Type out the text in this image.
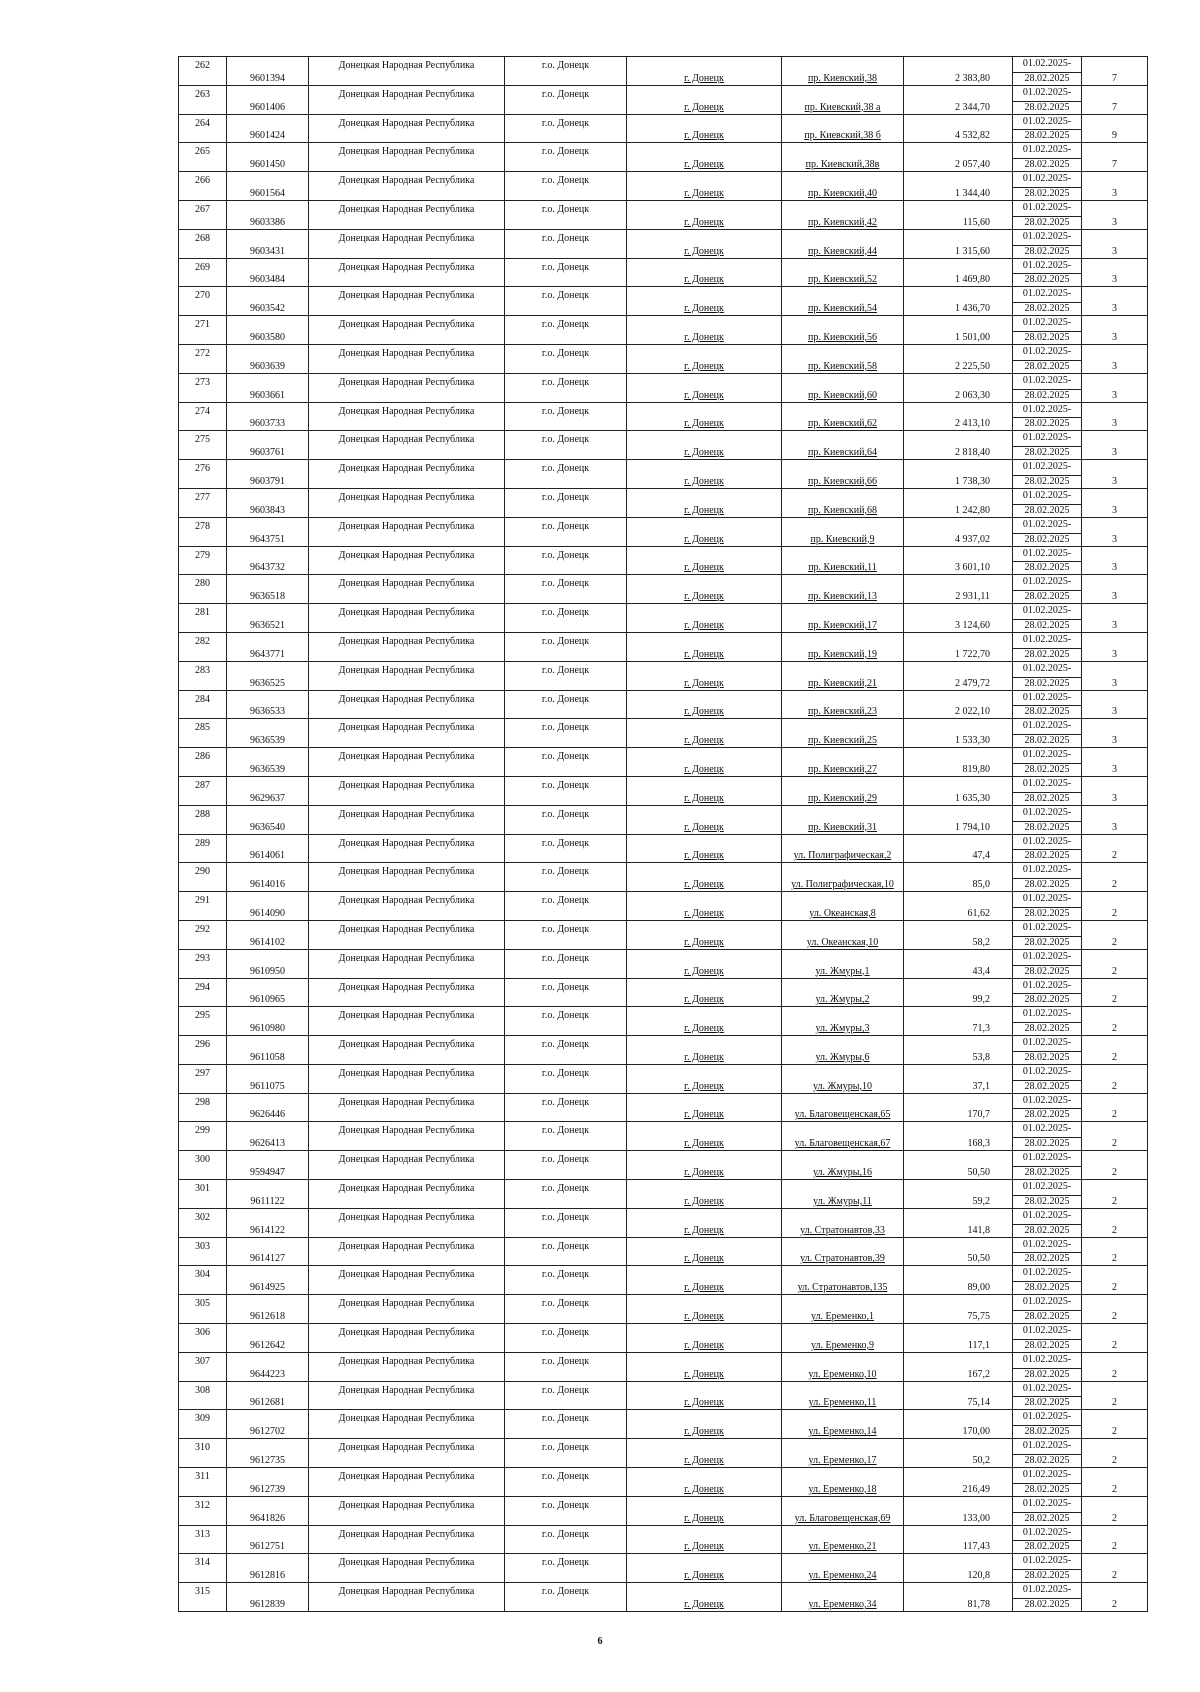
262	9601394	Донецкая Народная Республика	г.о. Донецк	г. Донецк	пр. Киевский,38	2 383,80	01.02.2025-
28.02.2025	7

263	9601406	Донецкая Народная Республика	г.о. Донецк	г. Донецк	пр. Киевский,38 а	2 344,70	01.02.2025-
28.02.2025	7

264	9601424	Донецкая Народная Республика	г.о. Донецк	г. Донецк	пр. Киевский,38 б	4 532,82	01.02.2025-
28.02.2025	9

265	9601450	Донецкая Народная Республика	г.о. Донецк	г. Донецк	пр. Киевский,38в	2 057,40	01.02.2025-
28.02.2025	7

266	9601564	Донецкая Народная Республика	г.о. Донецк	г. Донецк	пр. Киевский,40	1 344,40	01.02.2025-
28.02.2025	3

267	9603386	Донецкая Народная Республика	г.о. Донецк	г. Донецк	пр. Киевский,42	115,60	01.02.2025-
28.02.2025	3

268	9603431	Донецкая Народная Республика	г.о. Донецк	г. Донецк	пр. Киевский,44	1 315,60	01.02.2025-
28.02.2025	3

269	9603484	Донецкая Народная Республика	г.о. Донецк	г. Донецк	пр. Киевский,52	1 469,80	01.02.2025-
28.02.2025	3

270	9603542	Донецкая Народная Республика	г.о. Донецк	г. Донецк	пр. Киевский,54	1 436,70	01.02.2025-
28.02.2025	3

271	9603580	Донецкая Народная Республика	г.о. Донецк	г. Донецк	пр. Киевский,56	1 501,00	01.02.2025-
28.02.2025	3

272	9603639	Донецкая Народная Республика	г.о. Донецк	г. Донецк	пр. Киевский,58	2 225,50	01.02.2025-
28.02.2025	3

273	9603661	Донецкая Народная Республика	г.о. Донецк	г. Донецк	пр. Киевский,60	2 063,30	01.02.2025-
28.02.2025	3

274	9603733	Донецкая Народная Республика	г.о. Донецк	г. Донецк	пр. Киевский,62	2 413,10	01.02.2025-
28.02.2025	3

275	9603761	Донецкая Народная Республика	г.о. Донецк	г. Донецк	пр. Киевский,64	2 818,40	01.02.2025-
28.02.2025	3

276	9603791	Донецкая Народная Республика	г.о. Донецк	г. Донецк	пр. Киевский,66	1 738,30	01.02.2025-
28.02.2025	3

277	9603843	Донецкая Народная Республика	г.о. Донецк	г. Донецк	пр. Киевский,68	1 242,80	01.02.2025-
28.02.2025	3

278	9643751	Донецкая Народная Республика	г.о. Донецк	г. Донецк	пр. Киевский,9	4 937,02	01.02.2025-
28.02.2025	3

279	9643732	Донецкая Народная Республика	г.о. Донецк	г. Донецк	пр. Киевский,11	3 601,10	01.02.2025-
28.02.2025	3

280	9636518	Донецкая Народная Республика	г.о. Донецк	г. Донецк	пр. Киевский,13	2 931,11	01.02.2025-
28.02.2025	3

281	9636521	Донецкая Народная Республика	г.о. Донецк	г. Донецк	пр. Киевский,17	3 124,60	01.02.2025-
28.02.2025	3

282	9643771	Донецкая Народная Республика	г.о. Донецк	г. Донецк	пр. Киевский,19	1 722,70	01.02.2025-
28.02.2025	3

283	9636525	Донецкая Народная Республика	г.о. Донецк	г. Донецк	пр. Киевский,21	2 479,72	01.02.2025-
28.02.2025	3

284	9636533	Донецкая Народная Республика	г.о. Донецк	г. Донецк	пр. Киевский,23	2 022,10	01.02.2025-
28.02.2025	3

285	9636539	Донецкая Народная Республика	г.о. Донецк	г. Донецк	пр. Киевский,25	1 533,30	01.02.2025-
28.02.2025	3

286	9636539	Донецкая Народная Республика	г.о. Донецк	г. Донецк	пр. Киевский,27	819,80	01.02.2025-
28.02.2025	3

287	9629637	Донецкая Народная Республика	г.о. Донецк	г. Донецк	пр. Киевский,29	1 635,30	01.02.2025-
28.02.2025	3

288	9636540	Донецкая Народная Республика	г.о. Донецк	г. Донецк	пр. Киевский,31	1 794,10	01.02.2025-
28.02.2025	3

289	9614061	Донецкая Народная Республика	г.о. Донецк	г. Донецк	ул. Полиграфическая,2	47,4	01.02.2025-
28.02.2025	2

290	9614016	Донецкая Народная Республика	г.о. Донецк	г. Донецк	ул. Полиграфическая,10	85,0	01.02.2025-
28.02.2025	2

291	9614090	Донецкая Народная Республика	г.о. Донецк	г. Донецк	ул. Океанская,8	61,62	01.02.2025-
28.02.2025	2

292	9614102	Донецкая Народная Республика	г.о. Донецк	г. Донецк	ул. Океанская,10	58,2	01.02.2025-
28.02.2025	2

293	9610950	Донецкая Народная Республика	г.о. Донецк	г. Донецк	ул. Жмуры,1	43,4	01.02.2025-
28.02.2025	2

294	9610965	Донецкая Народная Республика	г.о. Донецк	г. Донецк	ул. Жмуры,2	99,2	01.02.2025-
28.02.2025	2

295	9610980	Донецкая Народная Республика	г.о. Донецк	г. Донецк	ул. Жмуры,3	71,3	01.02.2025-
28.02.2025	2

296	9611058	Донецкая Народная Республика	г.о. Донецк	г. Донецк	ул. Жмуры,6	53,8	01.02.2025-
28.02.2025	2

297	9611075	Донецкая Народная Республика	г.о. Донецк	г. Донецк	ул. Жмуры,10	37,1	01.02.2025-
28.02.2025	2

298	9626446	Донецкая Народная Республика	г.о. Донецк	г. Донецк	ул. Благовещенская,65	170,7	01.02.2025-
28.02.2025	2

299	9626413	Донецкая Народная Республика	г.о. Донецк	г. Донецк	ул. Благовещенская,67	168,3	01.02.2025-
28.02.2025	2

300	9594947	Донецкая Народная Республика	г.о. Донецк	г. Донецк	ул. Жмуры,16	50,50	01.02.2025-
28.02.2025	2

301	9611122	Донецкая Народная Республика	г.о. Донецк	г. Донецк	ул. Жмуры,11	59,2	01.02.2025-
28.02.2025	2

302	9614122	Донецкая Народная Республика	г.о. Донецк	г. Донецк	ул. Стратонавтов,33	141,8	01.02.2025-
28.02.2025	2

303	9614127	Донецкая Народная Республика	г.о. Донецк	г. Донецк	ул. Стратонавтов,39	50,50	01.02.2025-
28.02.2025	2

304	9614925	Донецкая Народная Республика	г.о. Донецк	г. Донецк	ул. Стратонавтов,135	89,00	01.02.2025-
28.02.2025	2

305	9612618	Донецкая Народная Республика	г.о. Донецк	г. Донецк	ул. Еременко,1	75,75	01.02.2025-
28.02.2025	2

306	9612642	Донецкая Народная Республика	г.о. Донецк	г. Донецк	ул. Еременко,9	117,1	01.02.2025-
28.02.2025	2

307	9644223	Донецкая Народная Республика	г.о. Донецк	г. Донецк	ул. Еременко,10	167,2	01.02.2025-
28.02.2025	2

308	9612681	Донецкая Народная Республика	г.о. Донецк	г. Донецк	ул. Еременко,11	75,14	01.02.2025-
28.02.2025	2

309	9612702	Донецкая Народная Республика	г.о. Донецк	г. Донецк	ул. Еременко,14	170,00	01.02.2025-
28.02.2025	2

310	9612735	Донецкая Народная Республика	г.о. Донецк	г. Донецк	ул. Еременко,17	50,2	01.02.2025-
28.02.2025	2

311	9612739	Донецкая Народная Республика	г.о. Донецк	г. Донецк	ул. Еременко,18	216,49	01.02.2025-
28.02.2025	2

312	9641826	Донецкая Народная Республика	г.о. Донецк	г. Донецк	ул. Благовещенская,69	133,00	01.02.2025-
28.02.2025	2

313	9612751	Донецкая Народная Республика	г.о. Донецк	г. Донецк	ул. Еременко,21	117,43	01.02.2025-
28.02.2025	2

314	9612816	Донецкая Народная Республика	г.о. Донецк	г. Донецк	ул. Еременко,24	120,8	01.02.2025-
28.02.2025	2

315	9612839	Донецкая Народная Республика	г.о. Донецк	г. Донецк	ул. Еременко,34	81,78	01.02.2025-
28.02.2025	2
6
